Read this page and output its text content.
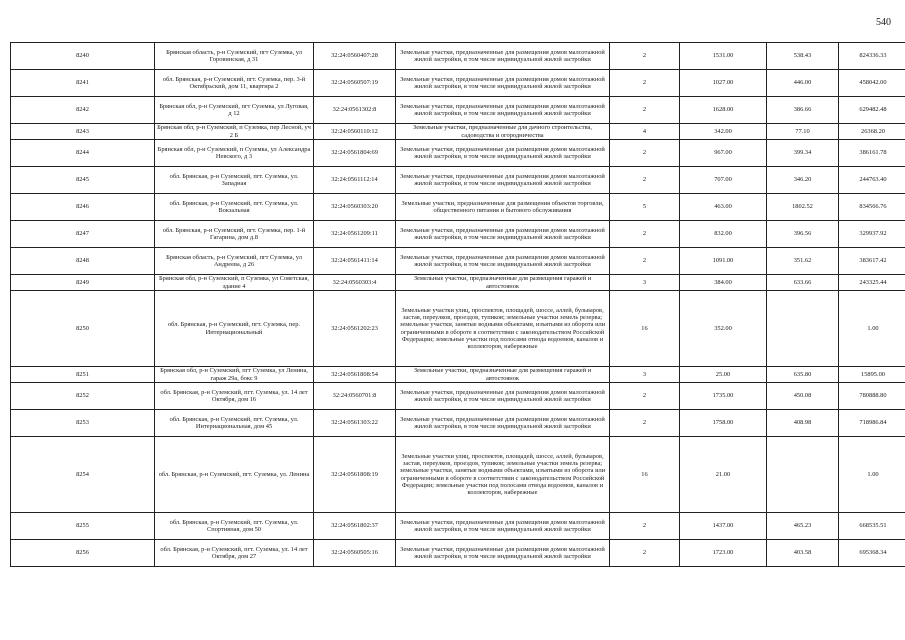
540
8240	Брянская область, р-н Суземский, пгт Суземка, ул Горовинская, д 31	32:24:0560407:28	Земельные участки, предназначенные для размещения домов малоэтажной жилой застройки, в том числе индивидуальной жилой застройки	2	1531.00	538.43	824336.33
8241	обл. Брянская, р-н Суземский, пгт. Суземка, пер. 3-й Октябрьский, дом 11, квартира 2	32:24:0560507:19	Земельные участки, предназначенные для размещения домов малоэтажной жилой застройки, в том числе индивидуальной жилой застройки	2	1027.00	446.00	458042.00
8242	Брянская обл, р-н Суземский, пгт Суземка, ул Луговая, д 12	32:24:0561302:8	Земельные участки, предназначенные для размещения домов малоэтажной жилой застройки, в том числе индивидуальной жилой застройки	2	1628.00	386.66	629482.48
8243	Брянская обл, р-н Суземский, п Суземка, пер Лесной, уч 2 Б	32:24:0560110:12	Земельные участки, предназначенные для дачного строительства, садоводства и огородничества	4	342.00	77.10	26368.20
8244	Брянская обл, р-н Суземский, п Суземка, ул Александра Невского, д 3	32:24:0561804:69	Земельные участки, предназначенные для размещения домов малоэтажной жилой застройки, в том числе индивидуальной жилой застройки	2	967.00	399.34	386161.78
8245	обл. Брянская, р-н Суземский, пгт. Суземка, ул. Западная	32:24:0561112:14	Земельные участки, предназначенные для размещения домов малоэтажной жилой застройки, в том числе индивидуальной жилой застройки	2	707.00	346.20	244763.40
8246	обл. Брянская, р-н Суземский, пгт. Суземка, ул. Вокзальная	32:24:0560303:20	Земельные участки, предназначенные для размещения объектов торговли, общественного питания и бытового обслуживания	5	463.00	1802.52	834566.76
8247	обл. Брянская, р-н Суземский, пгт. Суземка, пер. 1-й Гагарина, дом д.8	32:24:0561209:11	Земельные участки, предназначенные для размещения домов малоэтажной жилой застройки, в том числе индивидуальной жилой застройки	2	832.00	396.56	329937.92
8248	Брянская область, р-н Суземский, пгт Суземка, ул Андреева, д 26	32:24:0561411:14	Земельные участки, предназначенные для размещения домов малоэтажной жилой застройки, в том числе индивидуальной жилой застройки	2	1091.00	351.62	383617.42
8249	Брянская обл, р-н Суземский, п Суземка, ул Советская, здание 4	32:24:0560303:4	Земельные участки, предназначенные для размещения гаражей и автостоянок	3	384.00	633.66	243325.44
8250	обл. Брянская, р-н Суземский, пгт. Суземка, пер. Интернациональный	32:24:0561202:23	Земельные участки улиц, проспектов, площадей, шоссе, аллей, бульваров, застав, переулков, проездов, тупиков; земельные участки земель резерва; земельные участки, занятые водными объектами, изъятыми из оборота или ограниченными в обороте в соответствии с законодательством Российской Федерации; земельные участки под полосами отвода водоемов, каналов и коллекторов, набережные	16	352.00		1.00
8251	Брянская обл, р-н Суземский, пгт Суземка, ул Ленина, гараж 29а, бокс 9	32:24:0561808:54	Земельные участки, предназначенные для размещения гаражей и автостоянок	3	25.00	635.80	15895.00
8252	обл. Брянская, р-н Суземский, пгт. Суземка, ул. 14 лет Октября, дом 16	32:24:0560701:8	Земельные участки, предназначенные для размещения домов малоэтажной жилой застройки, в том числе индивидуальной жилой застройки	2	1735.00	450.08	780888.80
8253	обл. Брянская, р-н Суземский, пгт. Суземка, ул. Интернациональная, дом 45	32:24:0561303:22	Земельные участки, предназначенные для размещения домов малоэтажной жилой застройки, в том числе индивидуальной жилой застройки	2	1758.00	408.98	718986.84
8254	обл. Брянская, р-н Суземский, пгт. Суземка, ул. Ленина	32:24:0561808:19	Земельные участки улиц, проспектов, площадей, шоссе, аллей, бульваров, застав, переулков, проездов, тупиков; земельные участки земель резерва; земельные участки, занятые водными объектами, изъятыми из оборота или ограниченными в обороте в соответствии с законодательством Российской Федерации; земельные участки под полосами отвода водоемов, каналов и коллекторов, набережные	16	21.00		1.00
8255	обл. Брянская, р-н Суземский, пгт. Суземка, ул. Спортивная, дом 50	32:24:0561802:37	Земельные участки, предназначенные для размещения домов малоэтажной жилой застройки, в том числе индивидуальной жилой застройки	2	1437.00	465.23	668535.51
8256	обл. Брянская, р-н Суземский, пгт. Суземка, ул. 14 лет Октября, дом 27	32:24:0560505:16	Земельные участки, предназначенные для размещения домов малоэтажной жилой застройки, в том числе индивидуальной жилой застройки	2	1723.00	403.58	695368.34
